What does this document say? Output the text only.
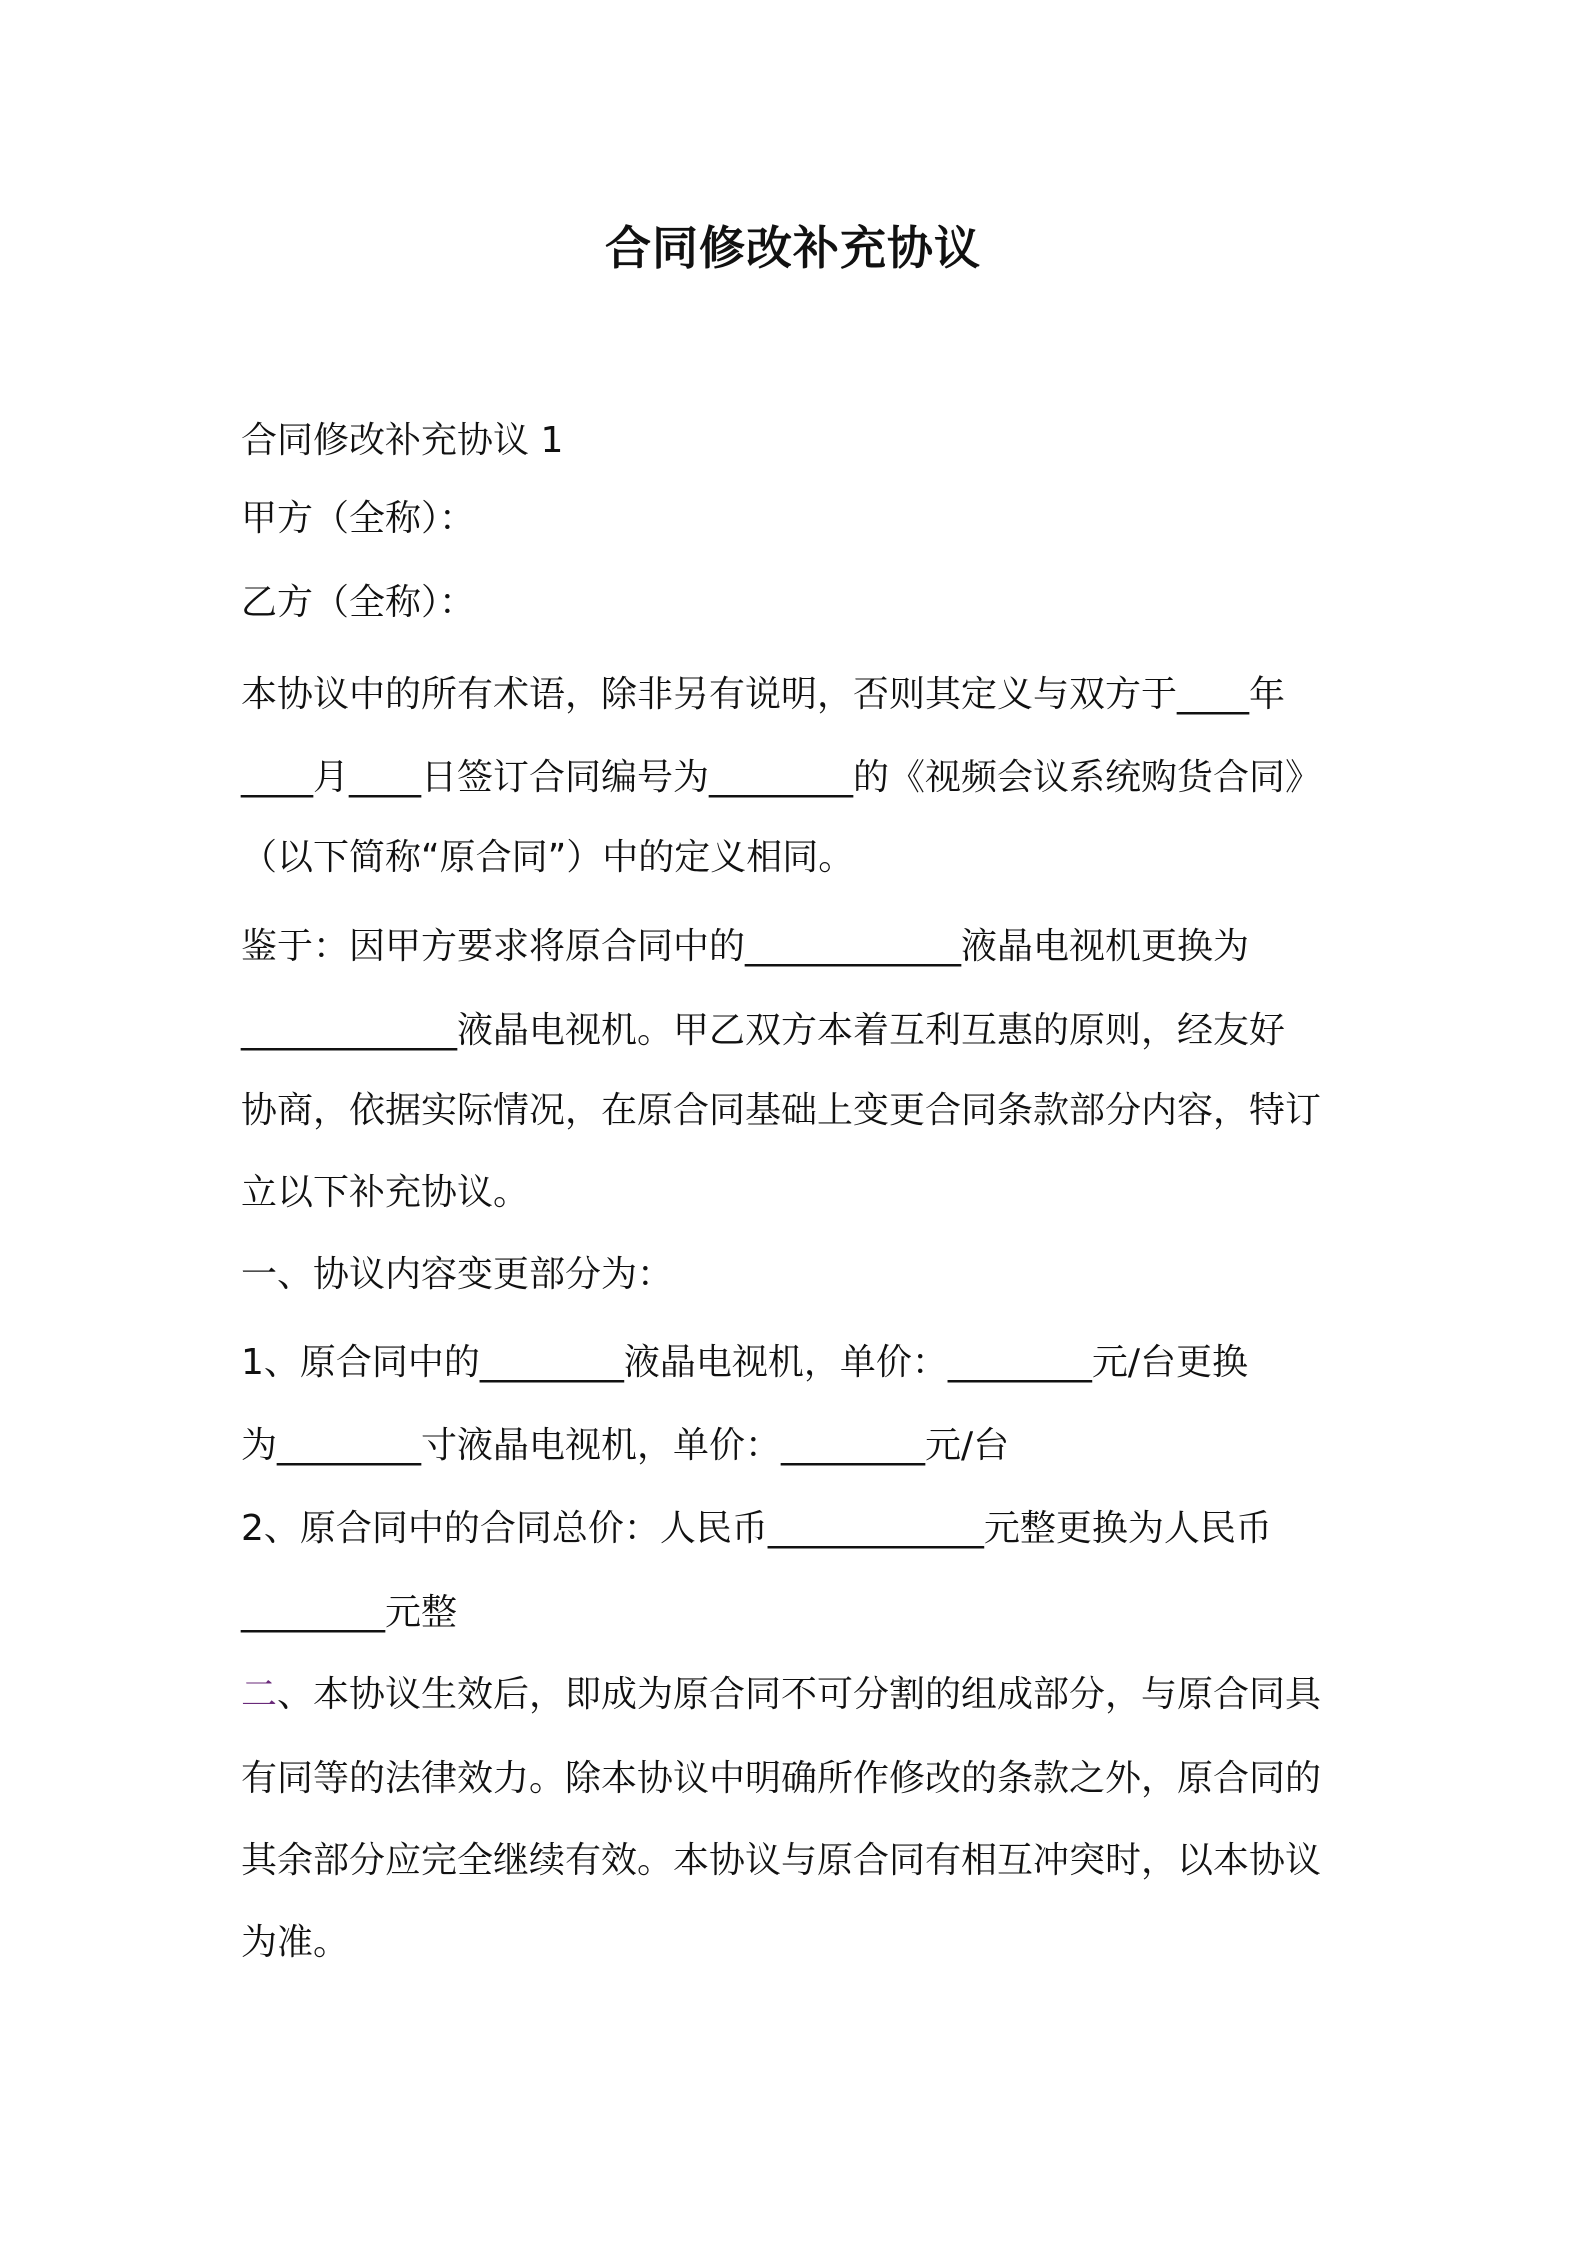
合同修改补充协议
合同修改补充协议 1
甲方（全称）：
乙方（全称）：
本协议中的所有术语，除非另有说明，否则其定义与双方于____年
____月____日签订合同编号为________的《视频会议系统购货合同》
（以下简称“原合同”）中的定义相同。
鉴于：因甲方要求将原合同中的____________液晶电视机更换为
____________液晶电视机。甲乙双方本着互利互惠的原则，经友好
协商，依据实际情况，在原合同基础上变更合同条款部分内容，特订
立以下补充协议。
一、协议内容变更部分为：
1、原合同中的________液晶电视机，单价：________元/台更换
为________寸液晶电视机，单价：________元/台
2、原合同中的合同总价：人民币____________元整更换为人民币
________元整
二、本协议生效后，即成为原合同不可分割的组成部分，与原合同具
有同等的法律效力。除本协议中明确所作修改的条款之外，原合同的
其余部分应完全继续有效。本协议与原合同有相互冲突时，以本协议
为准。
